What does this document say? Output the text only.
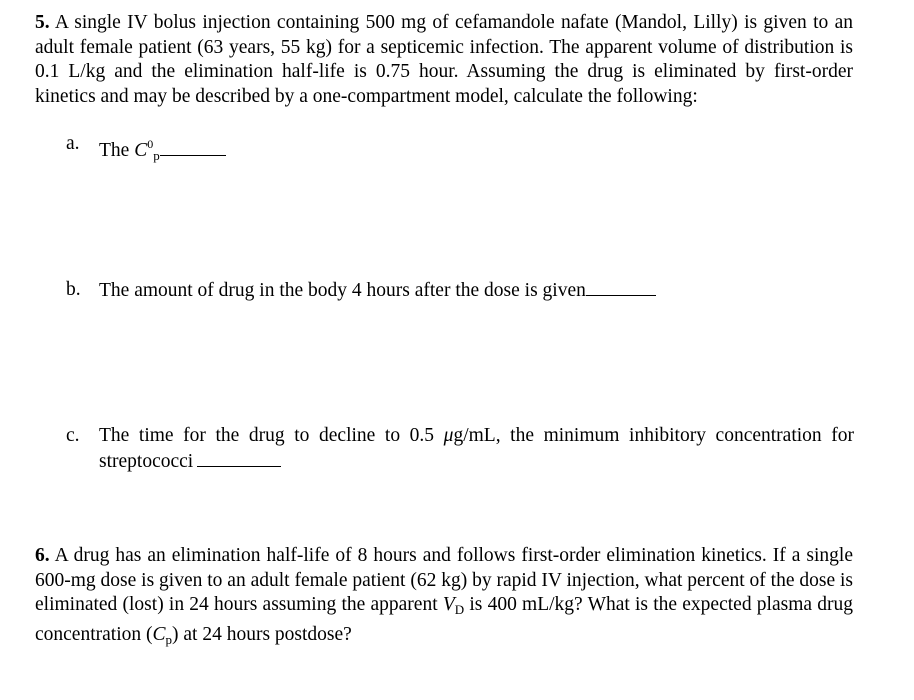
5. A single IV bolus injection containing 500 mg of cefamandole nafate (Mandol, Lilly) is given to an adult female patient (63 years, 55 kg) for a septicemic infection. The apparent volume of distribution is 0.1 L/kg and the elimination half-life is 0.75 hour. Assuming the drug is eliminated by first-order kinetics and may be described by a one-compartment model, calculate the following:
a. The $C^0_p$
b. The amount of drug in the body 4 hours after the dose is given
c. The time for the drug to decline to 0.5 μg/mL, the minimum inhibitory concentration for streptococci
6. A drug has an elimination half-life of 8 hours and follows first-order elimination kinetics. If a single 600-mg dose is given to an adult female patient (62 kg) by rapid IV injection, what percent of the dose is eliminated (lost) in 24 hours assuming the apparent $V_D$ is 400 mL/kg? What is the expected plasma drug concentration $(C_p)$ at 24 hours postdose?
